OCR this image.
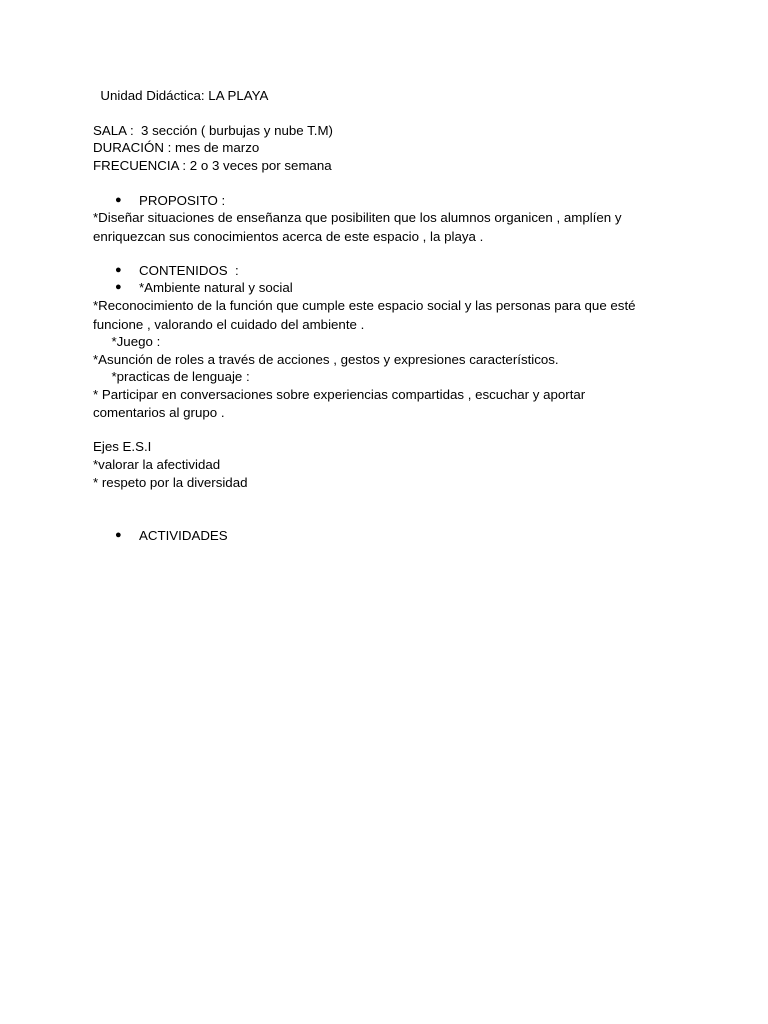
Unidad Didáctica: LA PLAYA
SALA :  3 sección ( burbujas y nube T.M)
DURACIÓN : mes de marzo
FRECUENCIA : 2 o 3 veces por semana
● PROPOSITO :
*Diseñar situaciones de enseñanza que posibiliten que los alumnos organicen , amplíen y
enriquezcan sus conocimientos acerca de este espacio , la playa .
● CONTENIDOS  :
● *Ambiente natural y social
*Reconocimiento de la función que cumple este espacio social y las personas para que esté
funcione , valorando el cuidado del ambiente .
*Juego :
*Asunción de roles a través de acciones , gestos y expresiones característicos.
*practicas de lenguaje :
* Participar en conversaciones sobre experiencias compartidas , escuchar y aportar
comentarios al grupo .
Ejes E.S.I
*valorar la afectividad
* respeto por la diversidad
● ACTIVIDADES
